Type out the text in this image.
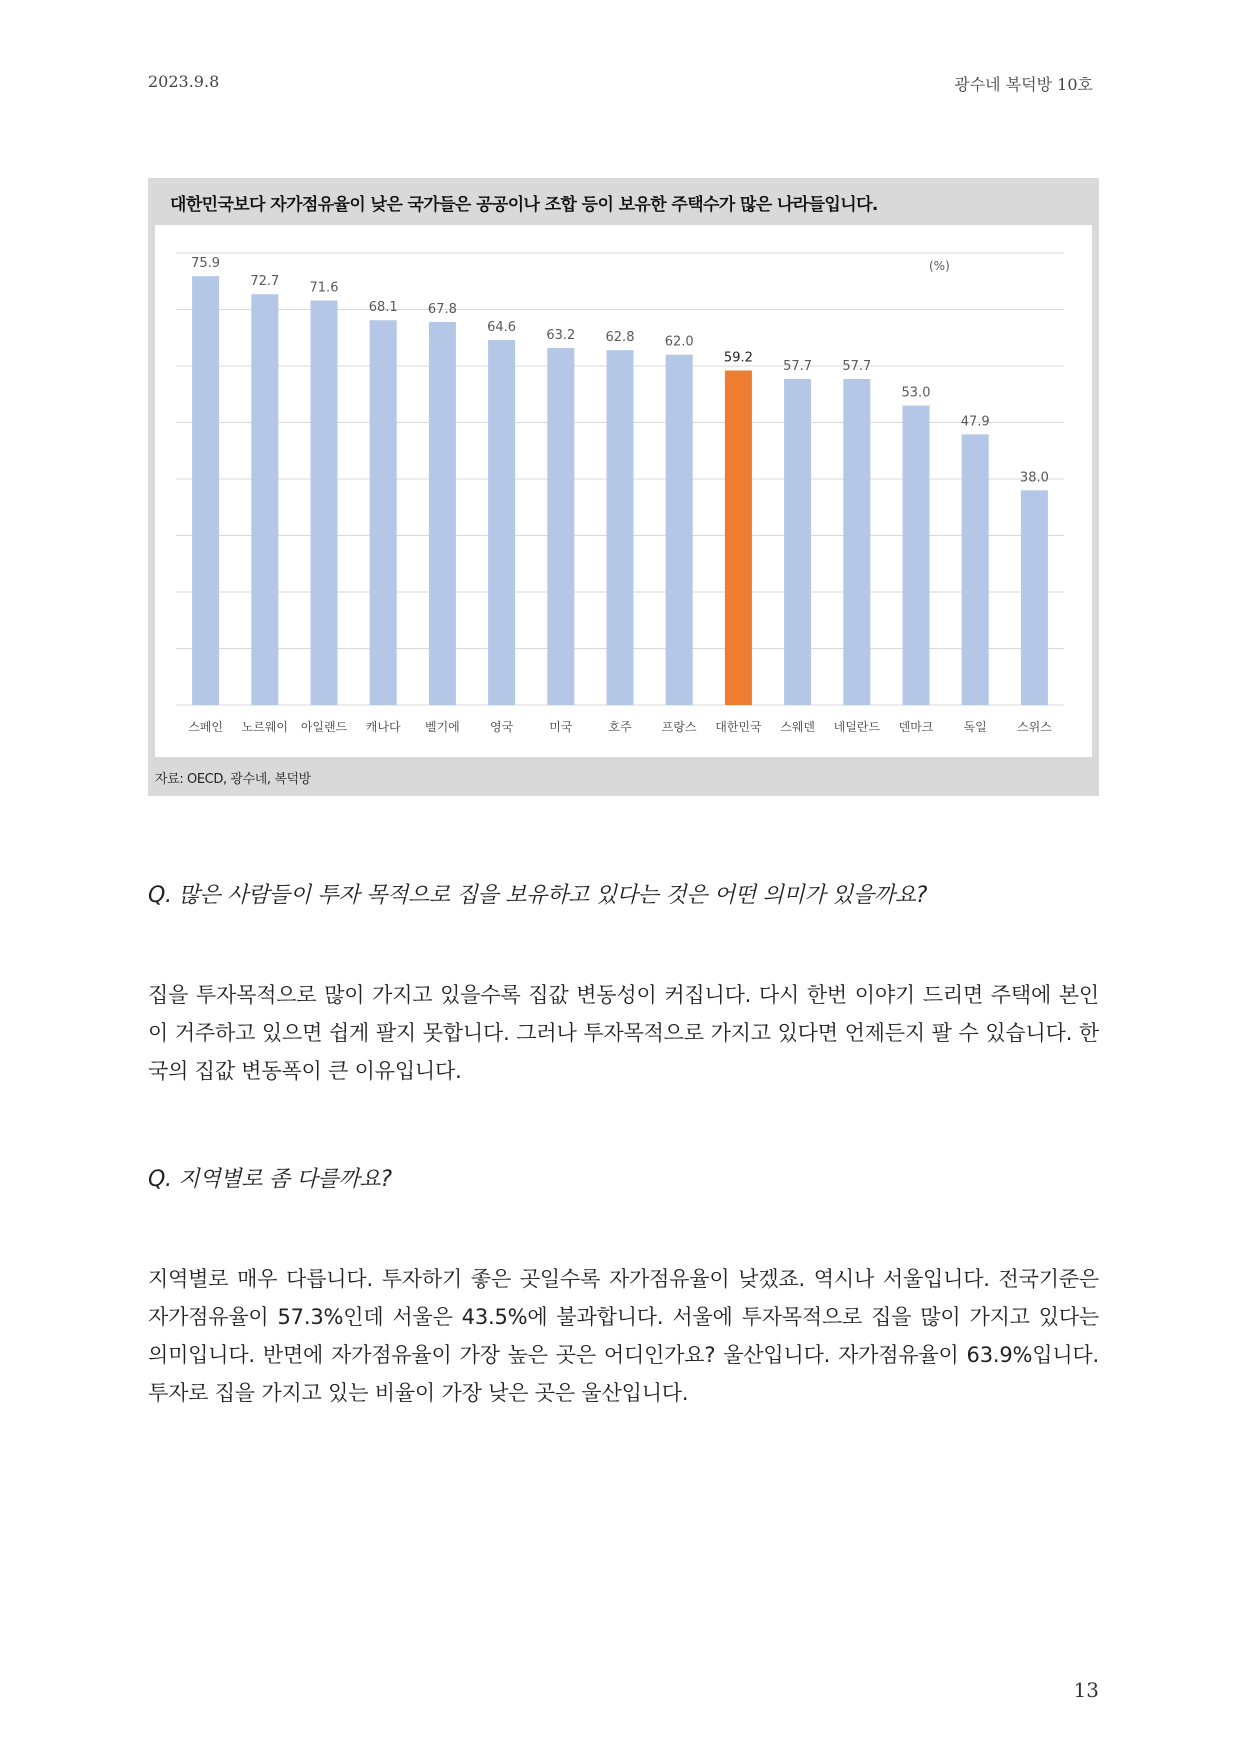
2023.9.8	광수네 복덕방 10호
대한민국보다 자가점유율이 낮은 국가들은 공공이나 조합 등이 보유한 주택수가 많은 나라들입니다.
(%)
75.9
스페인
72.7
노르웨이
71.6
아일랜드
68.1
캐나다
67.8
벨기에
64.6
영국
63.2
미국
62.8
호주
62.0
프랑스
59.2
대한민국
57.7
스웨덴
57.7
네덜란드
53.0
덴마크
47.9
독일
38.0
스위스
자료: OECD, 광수네, 복덕방
Q. 많은 사람들이 투자 목적으로 집을 보유하고 있다는 것은 어떤 의미가 있을까요?

집을 투자목적으로 많이 가지고 있을수록 집값 변동성이 커집니다. 다시 한번 이야기 드리면 주택에 본인이 거주하고 있으면 쉽게 팔지 못합니다. 그러나 투자목적으로 가지고 있다면 언제든지 팔 수 있습니다. 한국의 집값 변동폭이 큰 이유입니다.

Q. 지역별로 좀 다를까요?

지역별로 매우 다릅니다. 투자하기 좋은 곳일수록 자가점유율이 낮겠죠. 역시나 서울입니다. 전국기준은 자가점유율이 57.3%인데 서울은 43.5%에 불과합니다. 서울에 투자목적으로 집을 많이 가지고 있다는 의미입니다. 반면에 자가점유율이 가장 높은 곳은 어디인가요? 울산입니다. 자가점유율이 63.9%입니다. 투자로 집을 가지고 있는 비율이 가장 낮은 곳은 울산입니다.

13
